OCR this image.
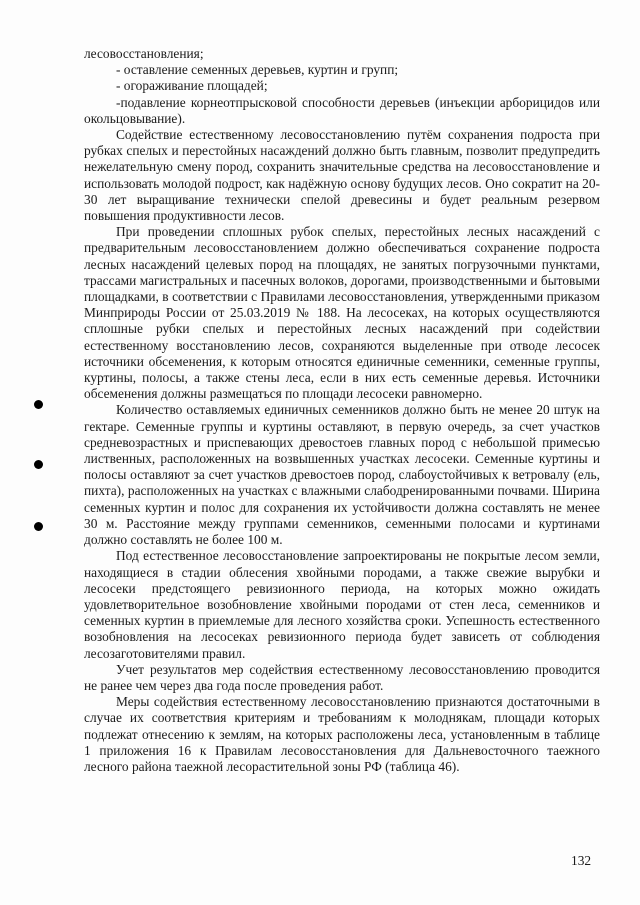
лесовосстановления;

- оставление семенных деревьев, куртин и групп;

- огораживание площадей;

-подавление корнеотпрысковой способности деревьев (инъекции арборицидов или окольцовывание).

Содействие естественному лесовосстановлению путём сохранения подроста при рубках спелых и перестойных насаждений должно быть главным, позволит предупредить нежелательную смену пород, сохранить значительные средства на лесовосстановление и использовать молодой подрост, как надёжную основу будущих лесов. Оно сократит на 20-30 лет выращивание технически спелой древесины и будет реальным резервом повышения продуктивности лесов.

При проведении сплошных рубок спелых, перестойных лесных насаждений с предварительным лесовосстановлением должно обеспечиваться сохранение подроста лесных насаждений целевых пород на площадях, не занятых погрузочными пунктами, трассами магистральных и пасечных волоков, дорогами, производственными и бытовыми площадками, в соответствии с Правилами лесовосстановления, утвержденными приказом Минприроды России от 25.03.2019 № 188. На лесосеках, на которых осуществляются сплошные рубки спелых и перестойных лесных насаждений при содействии естественному восстановлению лесов, сохраняются выделенные при отводе лесосек источники обсеменения, к которым относятся единичные семенники, семенные группы, куртины, полосы, а также стены леса, если в них есть семенные деревья. Источники обсеменения должны размещаться по площади лесосеки равномерно.

Количество оставляемых единичных семенников должно быть не менее 20 штук на гектаре. Семенные группы и куртины оставляют, в первую очередь, за счет участков средневозрастных и приспевающих древостоев главных пород с небольшой примесью лиственных, расположенных на возвышенных участках лесосеки. Семенные куртины и полосы оставляют за счет участков древостоев пород, слабоустойчивых к ветровалу (ель, пихта), расположенных на участках с влажными слабодренированными почвами. Ширина семенных куртин и полос для сохранения их устойчивости должна составлять не менее 30 м. Расстояние между группами семенников, семенными полосами и куртинами должно составлять не более 100 м.

Под естественное лесовосстановление запроектированы не покрытые лесом земли, находящиеся в стадии облесения хвойными породами, а также свежие вырубки и лесосеки предстоящего ревизионного периода, на которых можно ожидать удовлетворительное возобновление хвойными породами от стен леса, семенников и семенных куртин в приемлемые для лесного хозяйства сроки. Успешность естественного возобновления на лесосеках ревизионного периода будет зависеть от соблюдения лесозаготовителями правил.

Учет результатов мер содействия естественному лесовосстановлению проводится не ранее чем через два года после проведения работ.

Меры содействия естественному лесовосстановлению признаются достаточными в случае их соответствия критериям и требованиям к молоднякам, площади которых подлежат отнесению к землям, на которых расположены леса, установленным в таблице 1 приложения 16 к Правилам лесовосстановления для Дальневосточного таежного лесного района таежной лесорастительной зоны РФ (таблица 46).

132
